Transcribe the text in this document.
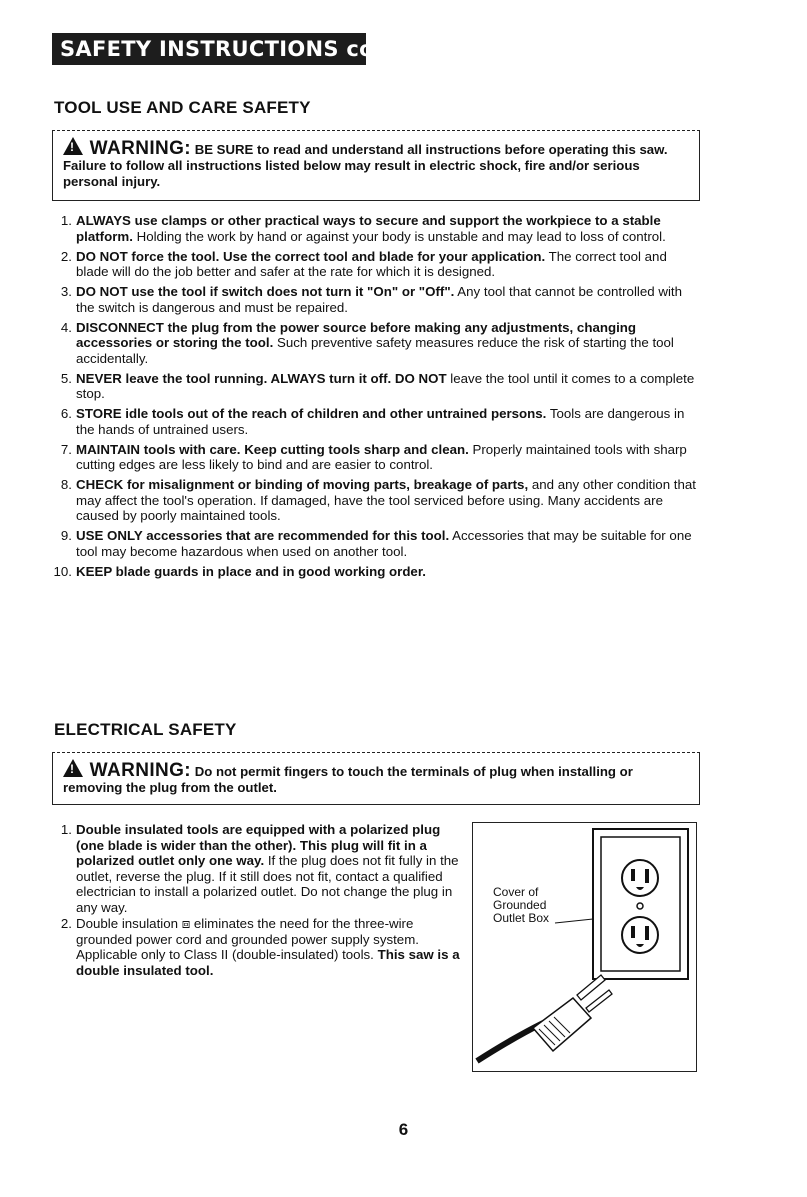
SAFETY INSTRUCTIONS cont.
TOOL USE AND CARE SAFETY
! WARNING: BE SURE to read and understand all instructions before operating this saw. Failure to follow all instructions listed below may result in electric shock, fire and/or serious personal injury.
1. ALWAYS use clamps or other practical ways to secure and support the workpiece to a stable platform. Holding the work by hand or against your body is unstable and may lead to loss of control.
2. DO NOT force the tool. Use the correct tool and blade for your application. The correct tool and blade will do the job better and safer at the rate for which it is designed.
3. DO NOT use the tool if switch does not turn it "On" or "Off". Any tool that cannot be controlled with the switch is dangerous and must be repaired.
4. DISCONNECT the plug from the power source before making any adjustments, changing accessories or storing the tool. Such preventive safety measures reduce the risk of starting the tool accidentally.
5. NEVER leave the tool running. ALWAYS turn it off. DO NOT leave the tool until it comes to a complete stop.
6. STORE idle tools out of the reach of children and other untrained persons. Tools are dangerous in the hands of untrained users.
7. MAINTAIN tools with care. Keep cutting tools sharp and clean. Properly maintained tools with sharp cutting edges are less likely to bind and are easier to control.
8. CHECK for misalignment or binding of moving parts, breakage of parts, and any other condition that may affect the tool's operation. If damaged, have the tool serviced before using. Many accidents are caused by poorly maintained tools.
9. USE ONLY accessories that are recommended for this tool. Accessories that may be suitable for one tool may become hazardous when used on another tool.
10. KEEP blade guards in place and in good working order.
ELECTRICAL SAFETY
! WARNING: Do not permit fingers to touch the terminals of plug when installing or removing the plug from the outlet.
1. Double insulated tools are equipped with a polarized plug (one blade is wider than the other). This plug will fit in a polarized outlet only one way. If the plug does not fit fully in the outlet, reverse the plug. If it still does not fit, contact a qualified electrician to install a polarized outlet. Do not change the plug in any way.
2. Double insulation ⧈ eliminates the need for the three-wire grounded power cord and grounded power supply system. Applicable only to Class II (double-insulated) tools. This saw is a double insulated tool.
Cover of Grounded Outlet Box
6
